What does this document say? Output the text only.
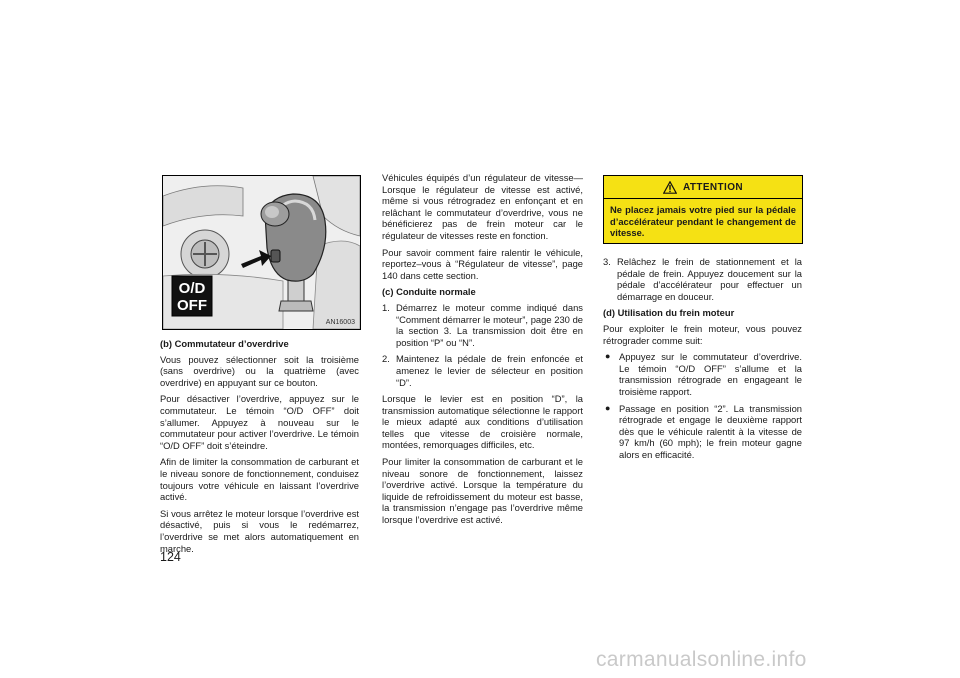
O/D
OFF
AN16003
(b) Commutateur d’overdrive

Vous pouvez sélectionner soit la troisième (sans overdrive) ou la quatrième (avec overdrive) en appuyant sur ce bouton.

Pour désactiver l’overdrive, appuyez sur le commutateur. Le témoin “O/D OFF” doit s’allumer. Appuyez à nouveau sur le commutateur pour activer l’overdrive. Le témoin “O/D OFF” doit s’éteindre.

Afin de limiter la consommation de carburant et le niveau sonore de fonctionnement, conduisez toujours votre véhicule en laissant l’overdrive activé.

Si vous arrêtez le moteur lorsque l’overdrive est désactivé, puis si vous le redémarrez, l’overdrive se met alors automatiquement en marche.

Véhicules équipés d’un régulateur de vitesse—Lorsque le régulateur de vitesse est activé, même si vous rétrogradez en enfonçant et en relâchant le commutateur d’overdrive, vous ne bénéficierez pas de frein moteur car le régulateur de vitesses reste en fonction.

Pour savoir comment faire ralentir le véhicule, reportez–vous à “Régulateur de vitesse”, page 140 dans cette section.

(c) Conduite normale
1. Démarrez le moteur comme indiqué dans “Comment démarrer le moteur”, page 230 de la section 3. La transmission doit être en position “P” ou “N”.
2. Maintenez la pédale de frein enfoncée et amenez le levier de sélecteur en position “D”.

Lorsque le levier est en position “D”, la transmission automatique sélectionne le rapport le mieux adapté aux conditions d’utilisation telles que vitesse de croisière normale, montées, remorquages difficiles, etc.

Pour limiter la consommation de carburant et le niveau sonore de fonctionnement, laissez l’overdrive activé. Lorsque la température du liquide de refroidissement du moteur est basse, la transmission n’engage pas l’overdrive même lorsque l’overdrive est activé.

ATTENTION
Ne placez jamais votre pied sur la pédale d’accélérateur pendant le changement de vitesse.
3. Relâchez le frein de stationnement et la pédale de frein. Appuyez doucement sur la pédale d’accélérateur pour effectuer un démarrage en douceur.
(d) Utilisation du frein moteur

Pour exploiter le frein moteur, vous pouvez rétrograder comme suit:

● Appuyez sur le commutateur d’overdrive. Le témoin “O/D OFF” s’allume et la transmission rétrograde en engageant le troisième rapport.
● Passage en position “2”. La transmission rétrograde et engage le deuxième rapport dès que le véhicule ralentit à la vitesse de 97 km/h (60 mph); le frein moteur gagne alors en efficacité.
124
carmanualsonline.info
